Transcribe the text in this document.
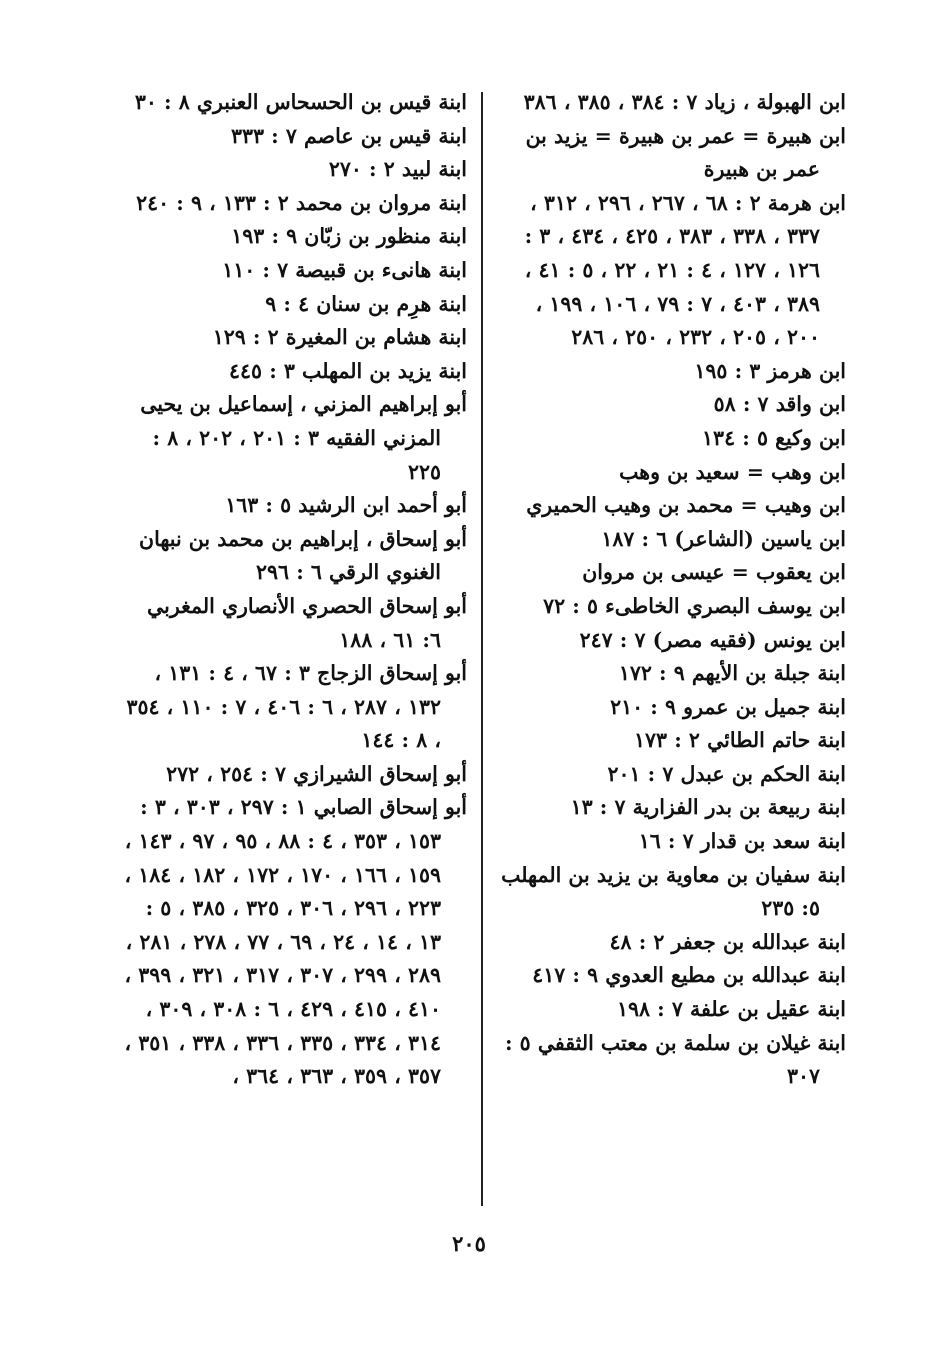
ابن الهبولة ، زياد ٧ : ٣٨٤ ، ٣٨٥ ، ٣٨٦
ابن هبيرة = عمر بن هبيرة = يزيد بن عمر بن هبيرة
ابن هرمة ٢ : ٦٨ ، ٢٦٧ ، ٢٩٦ ، ٣١٢ ، ٣٣٧ ، ٣٣٨ ، ٣٨٣ ، ٤٢٥ ، ٤٣٤ ، ٣ : ١٢٦ ، ١٢٧ ، ٤ : ٢١ ، ٢٢ ، ٥ : ٤١ ، ٣٨٩ ، ٤٠٣ ، ٧ : ٧٩ ، ١٠٦ ، ١٩٩ ، ٢٠٠ ، ٢٠٥ ، ٢٣٢ ، ٢٥٠ ، ٢٨٦
ابن هرمز ٣ : ١٩٥
ابن واقد ٧ : ٥٨
ابن وكيع ٥ : ١٣٤
ابن وهب = سعيد بن وهب
ابن وهيب = محمد بن وهيب الحميري
ابن ياسين (الشاعر) ٦ : ١٨٧
ابن يعقوب = عيسى بن مروان
ابن يوسف البصري الخاطىء ٥ : ٧٢
ابن يونس (فقيه مصر) ٧ : ٢٤٧
ابنة جبلة بن الأيهم ٩ : ١٧٢
ابنة جميل بن عمرو ٩ : ٢١٠
ابنة حاتم الطائي ٢ : ١٧٣
ابنة الحكم بن عبدل ٧ : ٢٠١
ابنة ربيعة بن بدر الفزارية ٧ : ١٣
ابنة سعد بن قدار ٧ : ١٦
ابنة سفيان بن معاوية بن يزيد بن المهلب ٥: ٢٣٥
ابنة عبدالله بن جعفر ٢ : ٤٨
ابنة عبدالله بن مطيع العدوي ٩ : ٤١٧
ابنة عقيل بن علفة ٧ : ١٩٨
ابنة غيلان بن سلمة بن معتب الثقفي ٥ : ٣٠٧
ابنة قيس بن الحسحاس العنبري ٨ : ٣٠
ابنة قيس بن عاصم ٧ : ٣٣٣
ابنة لبيد ٢ : ٢٧٠
ابنة مروان بن محمد ٢ : ١٣٣ ، ٩ : ٢٤٠
ابنة منظور بن زبّان ٩ : ١٩٣
ابنة هانىء بن قبيصة ٧ : ١١٠
ابنة هرِم بن سنان ٤ : ٩
ابنة هشام بن المغيرة ٢ : ١٢٩
ابنة يزيد بن المهلب ٣ : ٤٤٥
أبو إبراهيم المزني ، إسماعيل بن يحيى المزني الفقيه ٣ : ٢٠١ ، ٢٠٢ ، ٨ : ٢٢٥
أبو أحمد ابن الرشيد ٥ : ١٦٣
أبو إسحاق ، إبراهيم بن محمد بن نبهان الغنوي الرقي ٦ : ٢٩٦
أبو إسحاق الحصري الأنصاري المغربي ٦: ٦١ ، ١٨٨
أبو إسحاق الزجاج ٣ : ٦٧ ، ٤ : ١٣١ ، ١٣٢ ، ٢٨٧ ، ٦ : ٤٠٦ ، ٧ : ١١٠ ، ٣٥٤ ، ٨ : ١٤٤
أبو إسحاق الشيرازي ٧ : ٢٥٤ ، ٢٧٢
أبو إسحاق الصابي ١ : ٢٩٧ ، ٣٠٣ ، ٣ : ١٥٣ ، ٣٥٣ ، ٤ : ٨٨ ، ٩٥ ، ٩٧ ، ١٤٣ ، ١٥٩ ، ١٦٦ ، ١٧٠ ، ١٧٢ ، ١٨٢ ، ١٨٤ ، ٢٢٣ ، ٢٩٦ ، ٣٠٦ ، ٣٢٥ ، ٣٨٥ ، ٥ : ١٣ ، ١٤ ، ٢٤ ، ٦٩ ، ٧٧ ، ٢٧٨ ، ٢٨١ ، ٢٨٩ ، ٢٩٩ ، ٣٠٧ ، ٣١٧ ، ٣٢١ ، ٣٩٩ ، ٤١٠ ، ٤١٥ ، ٤٢٩ ، ٦ : ٣٠٨ ، ٣٠٩ ، ٣١٤ ، ٣٣٤ ، ٣٣٥ ، ٣٣٦ ، ٣٣٨ ، ٣٥١ ، ٣٥٧ ، ٣٥٩ ، ٣٦٣ ، ٣٦٤ ،
٢٠٥
